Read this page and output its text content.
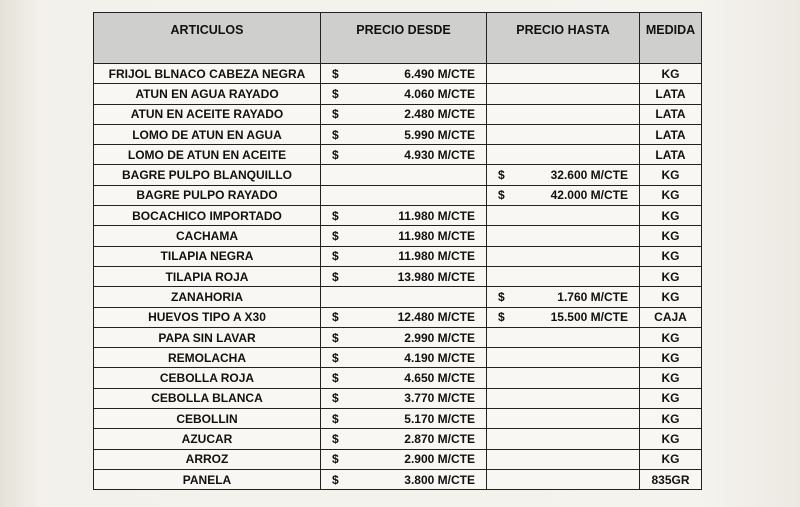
ARTICULOS	PRECIO DESDE	PRECIO HASTA	MEDIDA
FRIJOL BLNACO CABEZA NEGRA	$ 6.490 M/CTE		KG
ATUN EN AGUA RAYADO	$ 4.060 M/CTE		LATA
ATUN EN ACEITE RAYADO	$ 2.480 M/CTE		LATA
LOMO DE ATUN EN AGUA	$ 5.990 M/CTE		LATA
LOMO DE ATUN EN ACEITE	$ 4.930 M/CTE		LATA
BAGRE PULPO BLANQUILLO		$ 32.600 M/CTE	KG
BAGRE PULPO RAYADO		$ 42.000 M/CTE	KG
BOCACHICO IMPORTADO	$ 11.980 M/CTE		KG
CACHAMA	$ 11.980 M/CTE		KG
TILAPIA NEGRA	$ 11.980 M/CTE		KG
TILAPIA ROJA	$ 13.980 M/CTE		KG
ZANAHORIA		$ 1.760 M/CTE	KG
HUEVOS TIPO A X30	$ 12.480 M/CTE	$ 15.500 M/CTE	CAJA
PAPA SIN LAVAR	$ 2.990 M/CTE		KG
REMOLACHA	$ 4.190 M/CTE		KG
CEBOLLA ROJA	$ 4.650 M/CTE		KG
CEBOLLA BLANCA	$ 3.770 M/CTE		KG
CEBOLLIN	$ 5.170 M/CTE		KG
AZUCAR	$ 2.870 M/CTE		KG
ARROZ	$ 2.900 M/CTE		KG
PANELA	$ 3.800 M/CTE		835GR
